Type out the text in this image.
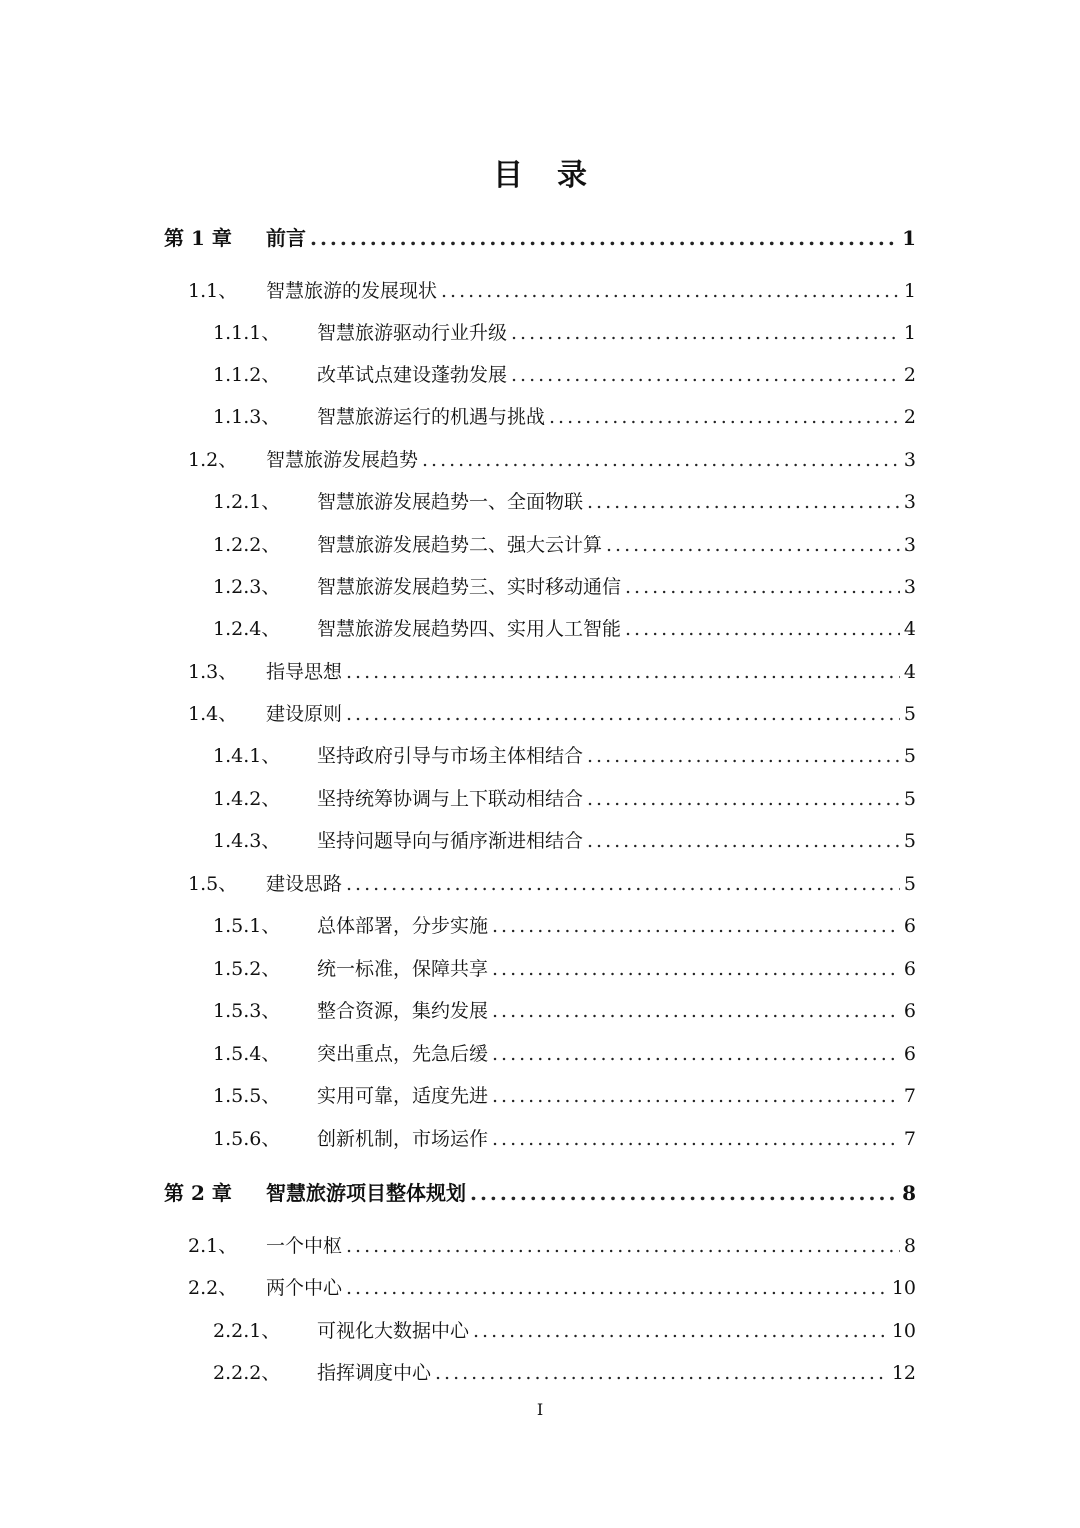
目 录
第 1 章	前言 .....	1
1.1、	智慧旅游的发展现状 .....	1
1.1.1、	智慧旅游驱动行业升级 .....	1
1.1.2、	改革试点建设蓬勃发展 .....	2
1.1.3、	智慧旅游运行的机遇与挑战 .....	2
1.2、	智慧旅游发展趋势 .....	3
1.2.1、	智慧旅游发展趋势一、全面物联 .....	3
1.2.2、	智慧旅游发展趋势二、强大云计算 .....	3
1.2.3、	智慧旅游发展趋势三、实时移动通信 .....	3
1.2.4、	智慧旅游发展趋势四、实用人工智能 .....	4
1.3、	指导思想 .....	4
1.4、	建设原则 .....	5
1.4.1、	坚持政府引导与市场主体相结合 .....	5
1.4.2、	坚持统筹协调与上下联动相结合 .....	5
1.4.3、	坚持问题导向与循序渐进相结合 .....	5
1.5、	建设思路 .....	5
1.5.1、	总体部署，分步实施 .....	6
1.5.2、	统一标准，保障共享 .....	6
1.5.3、	整合资源，集约发展 .....	6
1.5.4、	突出重点，先急后缓 .....	6
1.5.5、	实用可靠，适度先进 .....	7
1.5.6、	创新机制，市场运作 .....	7
第 2 章	智慧旅游项目整体规划 .....	8
2.1、	一个中枢 .....	8
2.2、	两个中心 .....	10
2.2.1、	可视化大数据中心 .....	10
2.2.2、	指挥调度中心 .....	12
I
